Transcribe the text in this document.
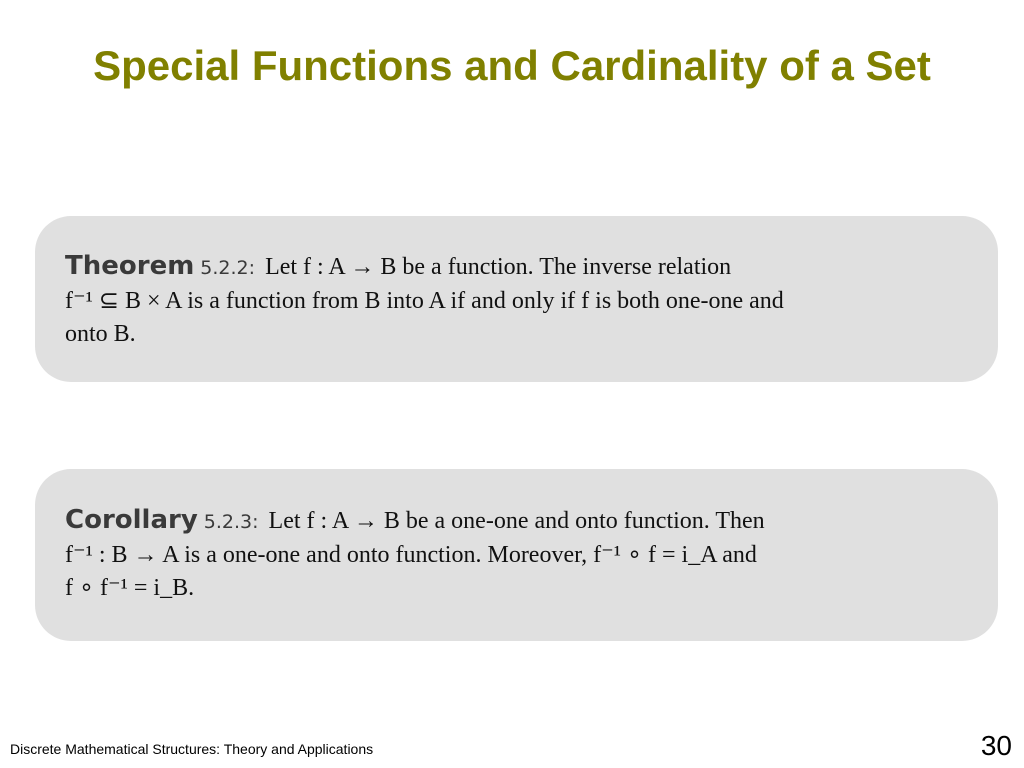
Special Functions and Cardinality of a Set

Theorem 5.2.2: Let f : A → B be a function. The inverse relation

f⁻¹ ⊆ B × A is a function from B into A if and only if f is both one-one and

onto B.

Corollary 5.2.3: Let f : A → B be a one-one and onto function. Then

f⁻¹ : B → A is a one-one and onto function. Moreover, f⁻¹ ∘ f = i_A and

f ∘ f⁻¹ = i_B.

Discrete Mathematical Structures: Theory and Applications	30
